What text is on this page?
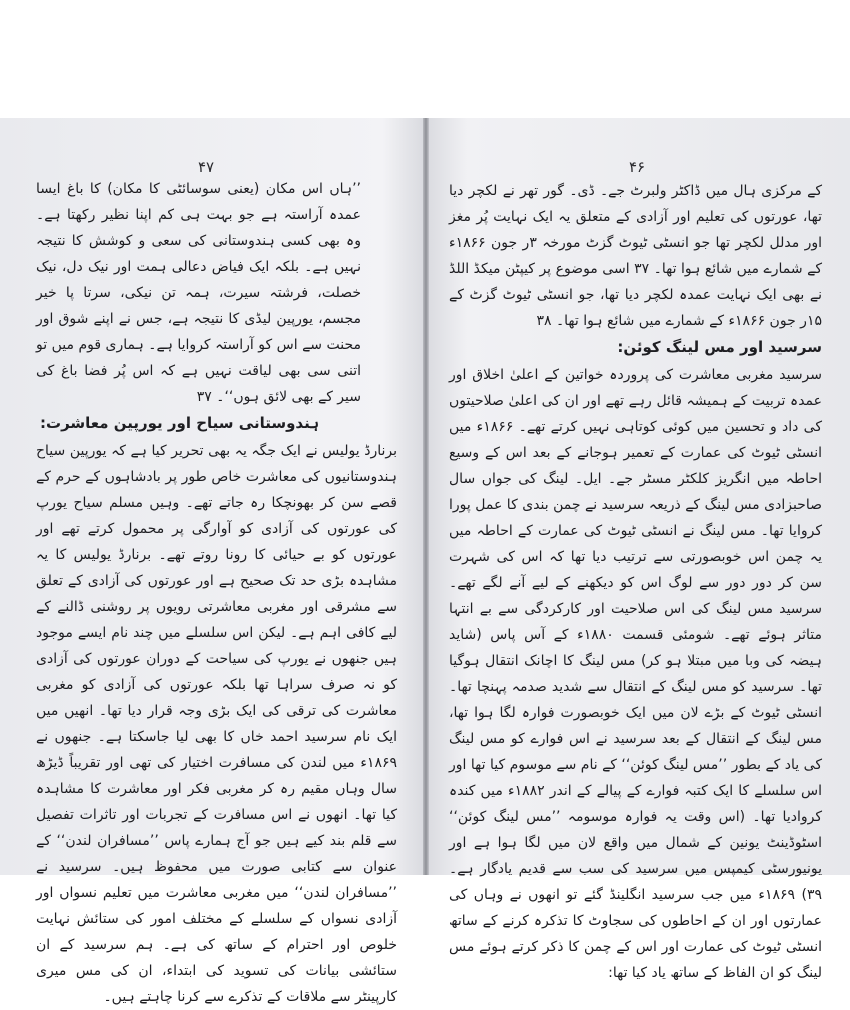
۴۷

’’ہاں اس مکان (یعنی سوسائٹی کا مکان) کا باغ ایسا عمدہ آراستہ ہے جو بہت ہی کم اپنا نظیر رکھتا ہے۔ وہ بھی کسی ہندوستانی کی سعی و کوشش کا نتیجہ نہیں ہے۔ بلکہ ایک فیاض دعالی ہمت اور نیک دل، نیک خصلت، فرشتہ سیرت، ہمہ تن نیکی، سرتا پا خیر مجسم، یورپین لیڈی کا نتیجہ ہے، جس نے اپنے شوق اور محنت سے اس کو آراستہ کروایا ہے۔ ہماری قوم میں تو اتنی سی بھی لیاقت نہیں ہے کہ اس پُر فضا باغ کی سیر کے بھی لائق ہوں‘‘۔ ۳۷

ہندوستانی سیاح اور یورپین معاشرت:

برنارڈ یولیس نے ایک جگہ یہ بھی تحریر کیا ہے کہ یورپین سیاح ہندوستانیوں کی معاشرت خاص طور پر بادشاہوں کے حرم کے قصے سن کر بھونچکا رہ جاتے تھے۔ وہیں مسلم سیاح یورپ کی عورتوں کی آزادی کو آوارگی پر محمول کرتے تھے اور عورتوں کو بے حیائی کا رونا روتے تھے۔ برنارڈ یولیس کا یہ مشاہدہ بڑی حد تک صحیح ہے اور عورتوں کی آزادی کے تعلق سے مشرقی اور مغربی معاشرتی رویوں پر روشنی ڈالنے کے لیے کافی اہم ہے۔ لیکن اس سلسلے میں چند نام ایسے موجود ہیں جنھوں نے یورپ کی سیاحت کے دوران عورتوں کی آزادی کو نہ صرف سراہا تھا بلکہ عورتوں کی آزادی کو مغربی معاشرت کی ترقی کی ایک بڑی وجہ قرار دیا تھا۔ انھیں میں ایک نام سرسید احمد خاں کا بھی لیا جاسکتا ہے۔ جنھوں نے ۱۸۶۹ء میں لندن کی مسافرت اختیار کی تھی اور تقریباً ڈیڑھ سال وہاں مقیم رہ کر مغربی فکر اور معاشرت کا مشاہدہ کیا تھا۔ انھوں نے اس مسافرت کے تجربات اور تاثرات تفصیل سے قلم بند کیے ہیں جو آج ہمارے پاس ’’مسافران لندن‘‘ کے عنوان سے کتابی صورت میں محفوظ ہیں۔ سرسید نے ’’مسافران لندن‘‘ میں مغربی معاشرت میں تعلیم نسواں اور آزادی نسواں کے سلسلے کے مختلف امور کی ستائش نہایت خلوص اور احترام کے ساتھ کی ہے۔ ہم سرسید کے ان ستائشی بیانات کی تسوید کی ابتداء، ان کی مس میری کارپینٹر سے ملاقات کے تذکرے سے کرنا چاہتے ہیں۔

۴۶

کے مرکزی ہال میں ڈاکٹر ولبرٹ جے۔ ڈی۔ گور تھر نے لکچر دیا تھا، عورتوں کی تعلیم اور آزادی کے متعلق یہ ایک نہایت پُر مغز اور مدلل لکچر تھا جو انسٹی ٹیوٹ گزٹ مورخہ ۳ر جون ۱۸۶۶ء کے شمارے میں شائع ہوا تھا۔ ۳۷ اسی موضوع پر کیپٹن میکڈ اللڈ نے بھی ایک نہایت عمدہ لکچر دیا تھا، جو انسٹی ٹیوٹ گزٹ کے ۱۵ر جون ۱۸۶۶ء کے شمارے میں شائع ہوا تھا۔ ۳۸

سرسید اور مس لینگ کوئن:

سرسید مغربی معاشرت کی پروردہ خواتین کے اعلیٰ اخلاق اور عمدہ تربیت کے ہمیشہ قائل رہے تھے اور ان کی اعلیٰ صلاحیتوں کی داد و تحسین میں کوئی کوتاہی نہیں کرتے تھے۔ ۱۸۶۶ء میں انسٹی ٹیوٹ کی عمارت کے تعمیر ہوجانے کے بعد اس کے وسیع احاطہ میں انگریز کلکٹر مسٹر جے۔ ایل۔ لینگ کی جواں سال صاحبزادی مس لینگ کے ذریعہ سرسید نے چمن بندی کا عمل پورا کروایا تھا۔ مس لینگ نے انسٹی ٹیوٹ کی عمارت کے احاطہ میں یہ چمن اس خوبصورتی سے ترتیب دیا تھا کہ اس کی شہرت سن کر دور دور سے لوگ اس کو دیکھنے کے لیے آنے لگے تھے۔ سرسید مس لینگ کی اس صلاحیت اور کارکردگی سے بے انتہا متاثر ہوئے تھے۔ شومئی قسمت ۱۸۸۰ء کے آس پاس (شاید ہیضہ کی وبا میں مبتلا ہو کر) مس لینگ کا اچانک انتقال ہوگیا تھا۔ سرسید کو مس لینگ کے انتقال سے شدید صدمہ پہنچا تھا۔ انسٹی ٹیوٹ کے بڑے لان میں ایک خوبصورت فوارہ لگا ہوا تھا، مس لینگ کے انتقال کے بعد سرسید نے اس فوارے کو مس لینگ کی یاد کے بطور ’’مس لینگ کوئن‘‘ کے نام سے موسوم کیا تھا اور اس سلسلے کا ایک کتبہ فوارے کے پیالے کے اندر ۱۸۸۲ء میں کندہ کروادیا تھا۔ (اس وقت یہ فوارہ موسومہ ’’مس لینگ کوئن‘‘ اسٹوڈینٹ یونین کے شمال میں واقع لان میں لگا ہوا ہے اور یونیورسٹی کیمپس میں سرسید کی سب سے قدیم یادگار ہے۔ ۳۹) ۱۸۶۹ء میں جب سرسید انگلینڈ گئے تو انھوں نے وہاں کی عمارتوں اور ان کے احاطوں کی سجاوٹ کا تذکرہ کرنے کے ساتھ انسٹی ٹیوٹ کی عمارت اور اس کے چمن کا ذکر کرتے ہوئے مس لینگ کو ان الفاظ کے ساتھ یاد کیا تھا:
